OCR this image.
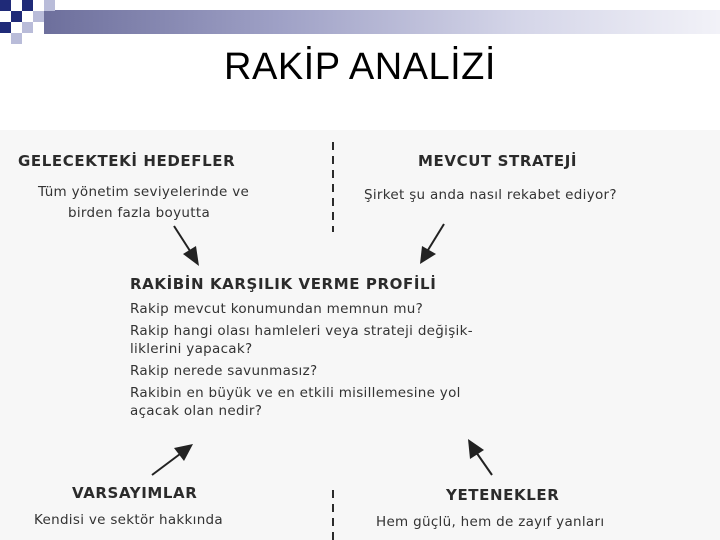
RAKİP ANALİZİ
GELECEKTEKİ HEDEFLER
Tüm yönetim seviyelerinde ve
birden fazla boyutta
MEVCUT STRATEJİ
Şirket şu anda nasıl rekabet ediyor?
RAKİBİN KARŞILIK VERME PROFİLİ
Rakip mevcut konumundan memnun mu?
Rakip hangi olası hamleleri veya strateji değişik-
liklerini yapacak?
Rakip nerede savunmasız?
Rakibin en büyük ve en etkili misillemesine yol
açacak olan nedir?
VARSAYIMLAR
Kendisi ve sektör hakkında
YETENEKLER
Hem güçlü, hem de zayıf yanları
